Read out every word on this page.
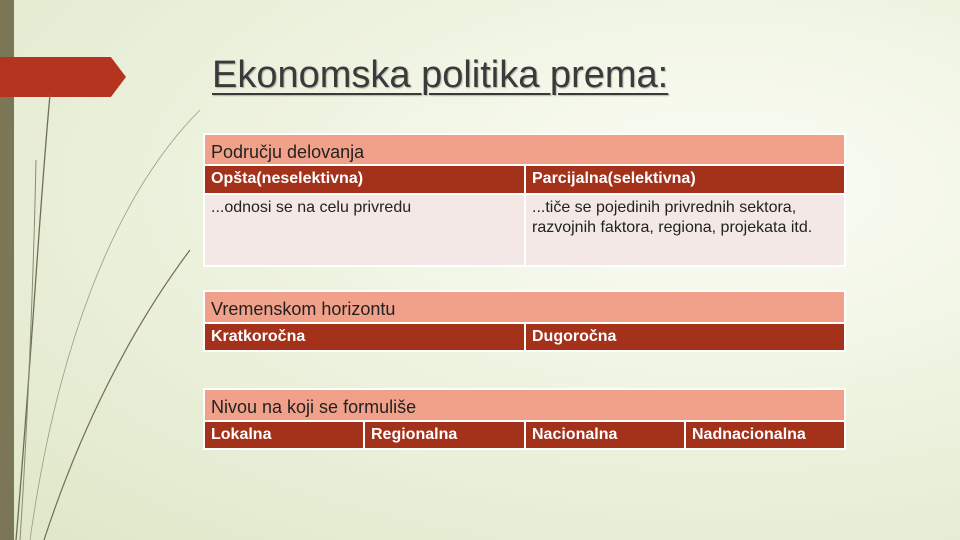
Ekonomska politika prema:
Području delovanja	
Opšta(neselektivna)	Parcijalna(selektivna)
...odnosi se na celu privredu	...tiče se pojedinih privrednih sektora, razvojnih faktora, regiona, projekata itd.
Vremenskom horizontu
Kratkoročna	Dugoročna
Nivou na koji se formuliše
Lokalna	Regionalna	Nacionalna	Nadnacionalna
